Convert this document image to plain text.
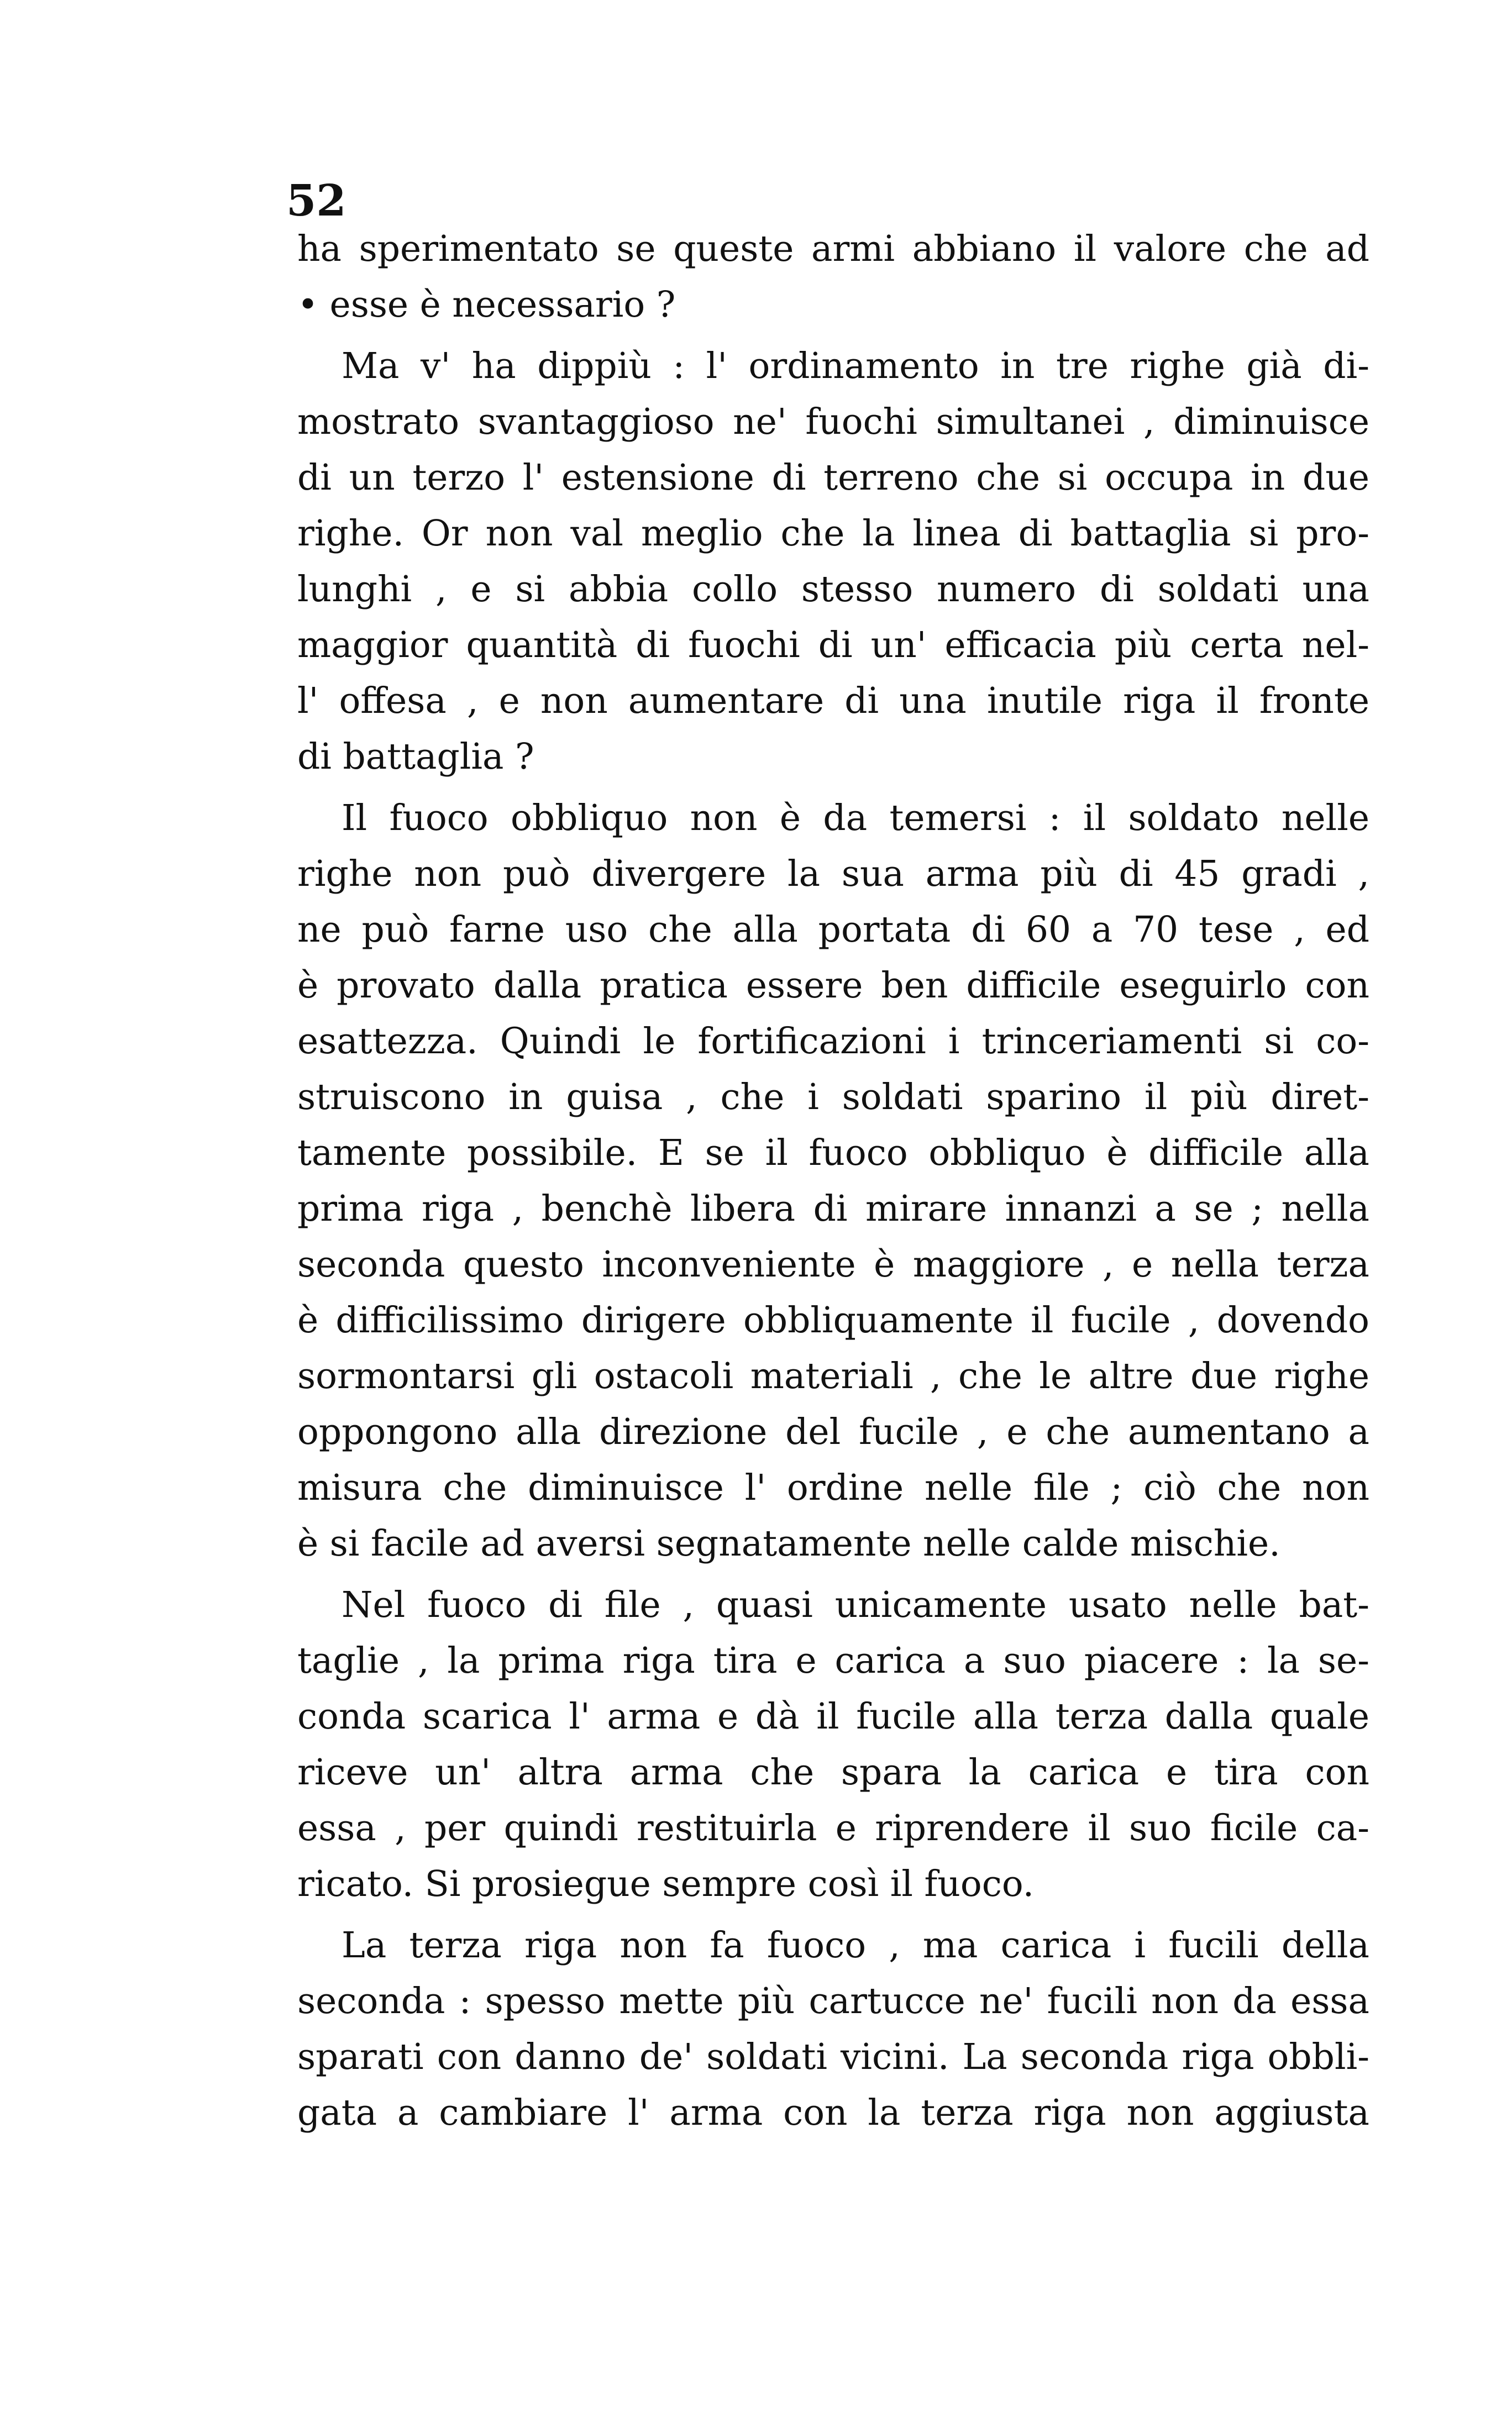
52
ha sperimentato se queste armi abbiano il valore che ad
• esse è necessario ?
Ma v' ha dippiù : l' ordinamento in tre righe già di-
mostrato svantaggioso ne' fuochi simultanei , diminuisce
di un terzo l' estensione di terreno che si occupa in due
righe. Or non val meglio che la linea di battaglia si pro-
lunghi , e si abbia collo stesso numero di soldati una
maggior quantità di fuochi di un' efficacia più certa nel-
l' offesa , e non aumentare di una inutile riga il fronte
di battaglia ?
Il fuoco obbliquo non è da temersi : il soldato nelle
righe non può divergere la sua arma più di 45 gradi ,
ne può farne uso che alla portata di 60 a 70 tese , ed
è provato dalla pratica essere ben difficile eseguirlo con
esattezza. Quindi le fortificazioni i trinceriamenti si co-
struiscono in guisa , che i soldati sparino il più diret-
tamente possibile. E se il fuoco obbliquo è difficile alla
prima riga , benchè libera di mirare innanzi a se ; nella
seconda questo inconveniente è maggiore , e nella terza
è difficilissimo dirigere obbliquamente il fucile , dovendo
sormontarsi gli ostacoli materiali , che le altre due righe
oppongono alla direzione del fucile , e che aumentano a
misura che diminuisce l' ordine nelle file ; ciò che non
è si facile ad aversi segnatamente nelle calde mischie.
Nel fuoco di file , quasi unicamente usato nelle bat-
taglie , la prima riga tira e carica a suo piacere : la se-
conda scarica l' arma e dà il fucile alla terza dalla quale
riceve un' altra arma che spara la carica e tira con
essa , per quindi restituirla e riprendere il suo ficile ca-
ricato. Si prosiegue sempre così il fuoco.
La terza riga non fa fuoco , ma carica i fucili della
seconda : spesso mette più cartucce ne' fucili non da essa
sparati con danno de' soldati vicini. La seconda riga obbli-
gata a cambiare l' arma con la terza riga non aggiusta
